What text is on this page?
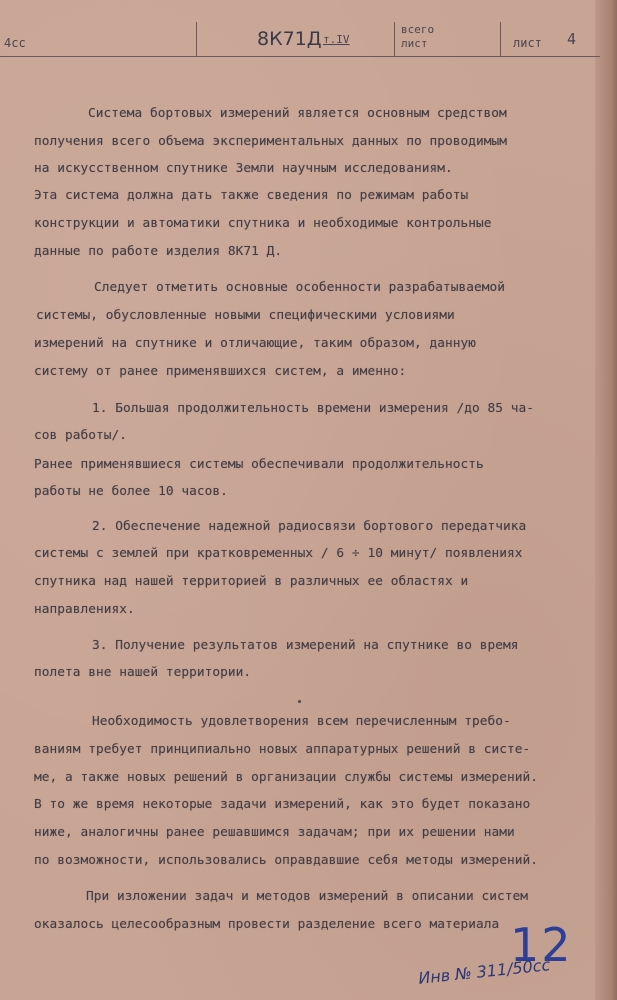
4сс	8К71Д т.IV
всего
лист	лист 4
Система бортовых измерений является основным средством
получения всего объема экспериментальных данных по проводимым
на искусственном спутнике Земли научным исследованиям.
Эта система должна дать также сведения по режимам работы
конструкции и автоматики спутника и необходимые контрольные
данные по работе изделия 8К71 Д.
Следует отметить основные особенности разрабатываемой
системы, обусловленные новыми специфическими условиями
измерений на спутнике и отличающие, таким образом, данную
систему от ранее применявшихся систем, а именно:
1. Большая продолжительность времени измерения /до 85 ча-
сов работы/.
Ранее применявшиеся системы обеспечивали продолжительность
работы не более 10 часов.
2. Обеспечение надежной радиосвязи бортового передатчика
системы с землей при кратковременных / 6 ÷ 10 минут/ появлениях
спутника над нашей территорией в различных ее областях и
направлениях.
3. Получение результатов измерений на спутнике во время
полета вне нашей территории.
Необходимость удовлетворения всем перечисленным требо-
ваниям требует принципиально новых аппаратурных решений в систе-
ме, а также новых решений в организации службы системы измерений.
В то же время некоторые задачи измерений, как это будет показано
ниже, аналогичны ранее решавшимся задачам; при их решении нами
по возможности, использовались оправдавшие себя методы измерений.
При изложении задач и методов измерений в описании систем
оказалось целесообразным провести разделение всего материала 12
Инв № 311/50сс
